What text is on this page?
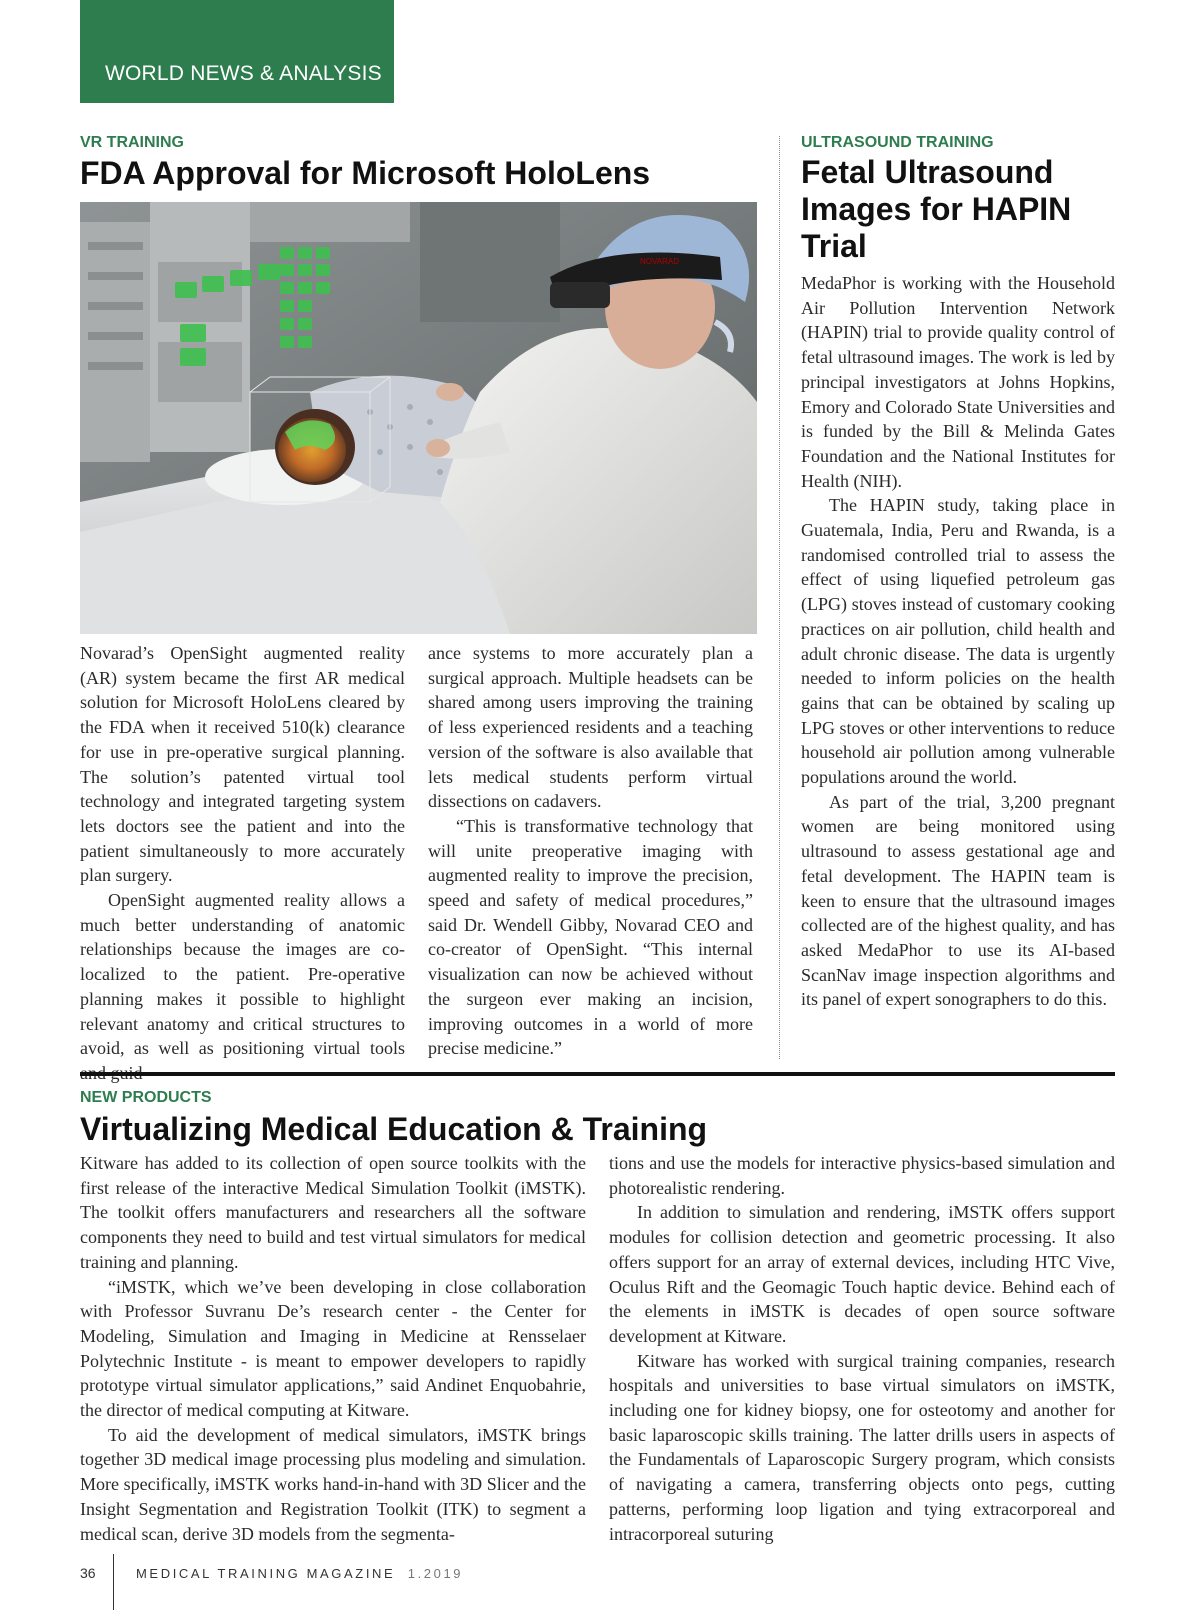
WORLD NEWS & ANALYSIS
VR TRAINING
FDA Approval for Microsoft HoloLens
NOVARAD

Novarad’s OpenSight augmented reality (AR) system became the first AR medical solution for Microsoft HoloLens cleared by the FDA when it received 510(k) clearance for use in pre-operative surgical planning. The solution’s patented virtual tool technology and integrated targeting system lets doctors see the patient and into the patient simultaneously to more accurately plan surgery.

OpenSight augmented reality allows a much better understanding of anatomic relationships because the images are co-localized to the patient. Pre-operative planning makes it possible to highlight relevant anatomy and critical structures to avoid, as well as positioning virtual tools

ance systems to more accurately plan a surgical approach. Multiple headsets can be shared among users improving the training of less experienced residents and a teaching version of the software is also available that lets medical students perform virtual dissections on cadavers.

“This is transformative technology that will unite preoperative imaging with augmented reality to improve the precision, speed and safety of medical procedures,” said Dr. Wendell Gibby, Novarad CEO and co-creator of OpenSight. “This internal visualization can now be achieved without the surgeon ever making an incision, improving outcomes in a world of more precise medicine.”

ULTRASOUND TRAINING
Fetal Ultrasound Images for HAPIN Trial

MedaPhor is working with the Household Air Pollution Intervention Network (HAPIN) trial to provide quality control of fetal ultrasound images. The work is led by principal investigators at Johns Hopkins, Emory and Colorado State Universities and is funded by the Bill & Melinda Gates Foundation and the National Institutes for Health (NIH).

The HAPIN study, taking place in Guatemala, India, Peru and Rwanda, is a randomised controlled trial to assess the effect of using liquefied petroleum gas (LPG) stoves instead of customary cooking practices on air pollution, child health and adult chronic disease. The data is urgently needed to inform policies on the health gains that can be obtained by scaling up LPG stoves or other interventions to reduce household air pollution among vulnerable populations around the world.

As part of the trial, 3,200 pregnant women are being monitored using ultrasound to assess gestational age and fetal development. The HAPIN team is keen to ensure that the ultrasound images collected are of the highest quality, and has asked MedaPhor to use its AI-based ScanNav image inspection algorithms and its panel of expert sonographers to do this.

NEW PRODUCTS
Virtualizing Medical Education & Training

Kitware has added to its collection of open source toolkits with the first release of the interactive Medical Simulation Toolkit (iMSTK). The toolkit offers manufacturers and researchers all the software components they need to build and test virtual simulators for medical training and planning.

“iMSTK, which we’ve been developing in close collaboration with Professor Suvranu De’s research center - the Center for Modeling, Simulation and Imaging in Medicine at Rensselaer Polytechnic Institute - is meant to empower developers to rapidly prototype virtual simulator applications,” said Andinet Enquobahrie, the director of medical computing at Kitware.

To aid the development of medical simulators, iMSTK brings together 3D medical image processing plus modeling and simulation. More specifically, iMSTK works hand-in-hand with 3D Slicer and the Insight Segmentation and Registration Toolkit (ITK) to segment a medical scan, derive 3D models from the segmenta-

tions and use the models for interactive physics-based simulation and photorealistic rendering.

In addition to simulation and rendering, iMSTK offers support modules for collision detection and geometric processing. It also offers support for an array of external devices, including HTC Vive, Oculus Rift and the Geomagic Touch haptic device. Behind each of the elements in iMSTK is decades of open source software development at Kitware.

Kitware has worked with surgical training companies, research hospitals and universities to base virtual simulators on iMSTK, including one for kidney biopsy, one for osteotomy and another for basic laparoscopic skills training. The latter drills users in aspects of the Fundamentals of Laparoscopic Surgery program, which consists of navigating a camera, transferring objects onto pegs, cutting patterns, performing loop ligation and tying extracorporeal and intracorporeal suturing

36	MEDICAL TRAINING MAGAZINE 1.2019
